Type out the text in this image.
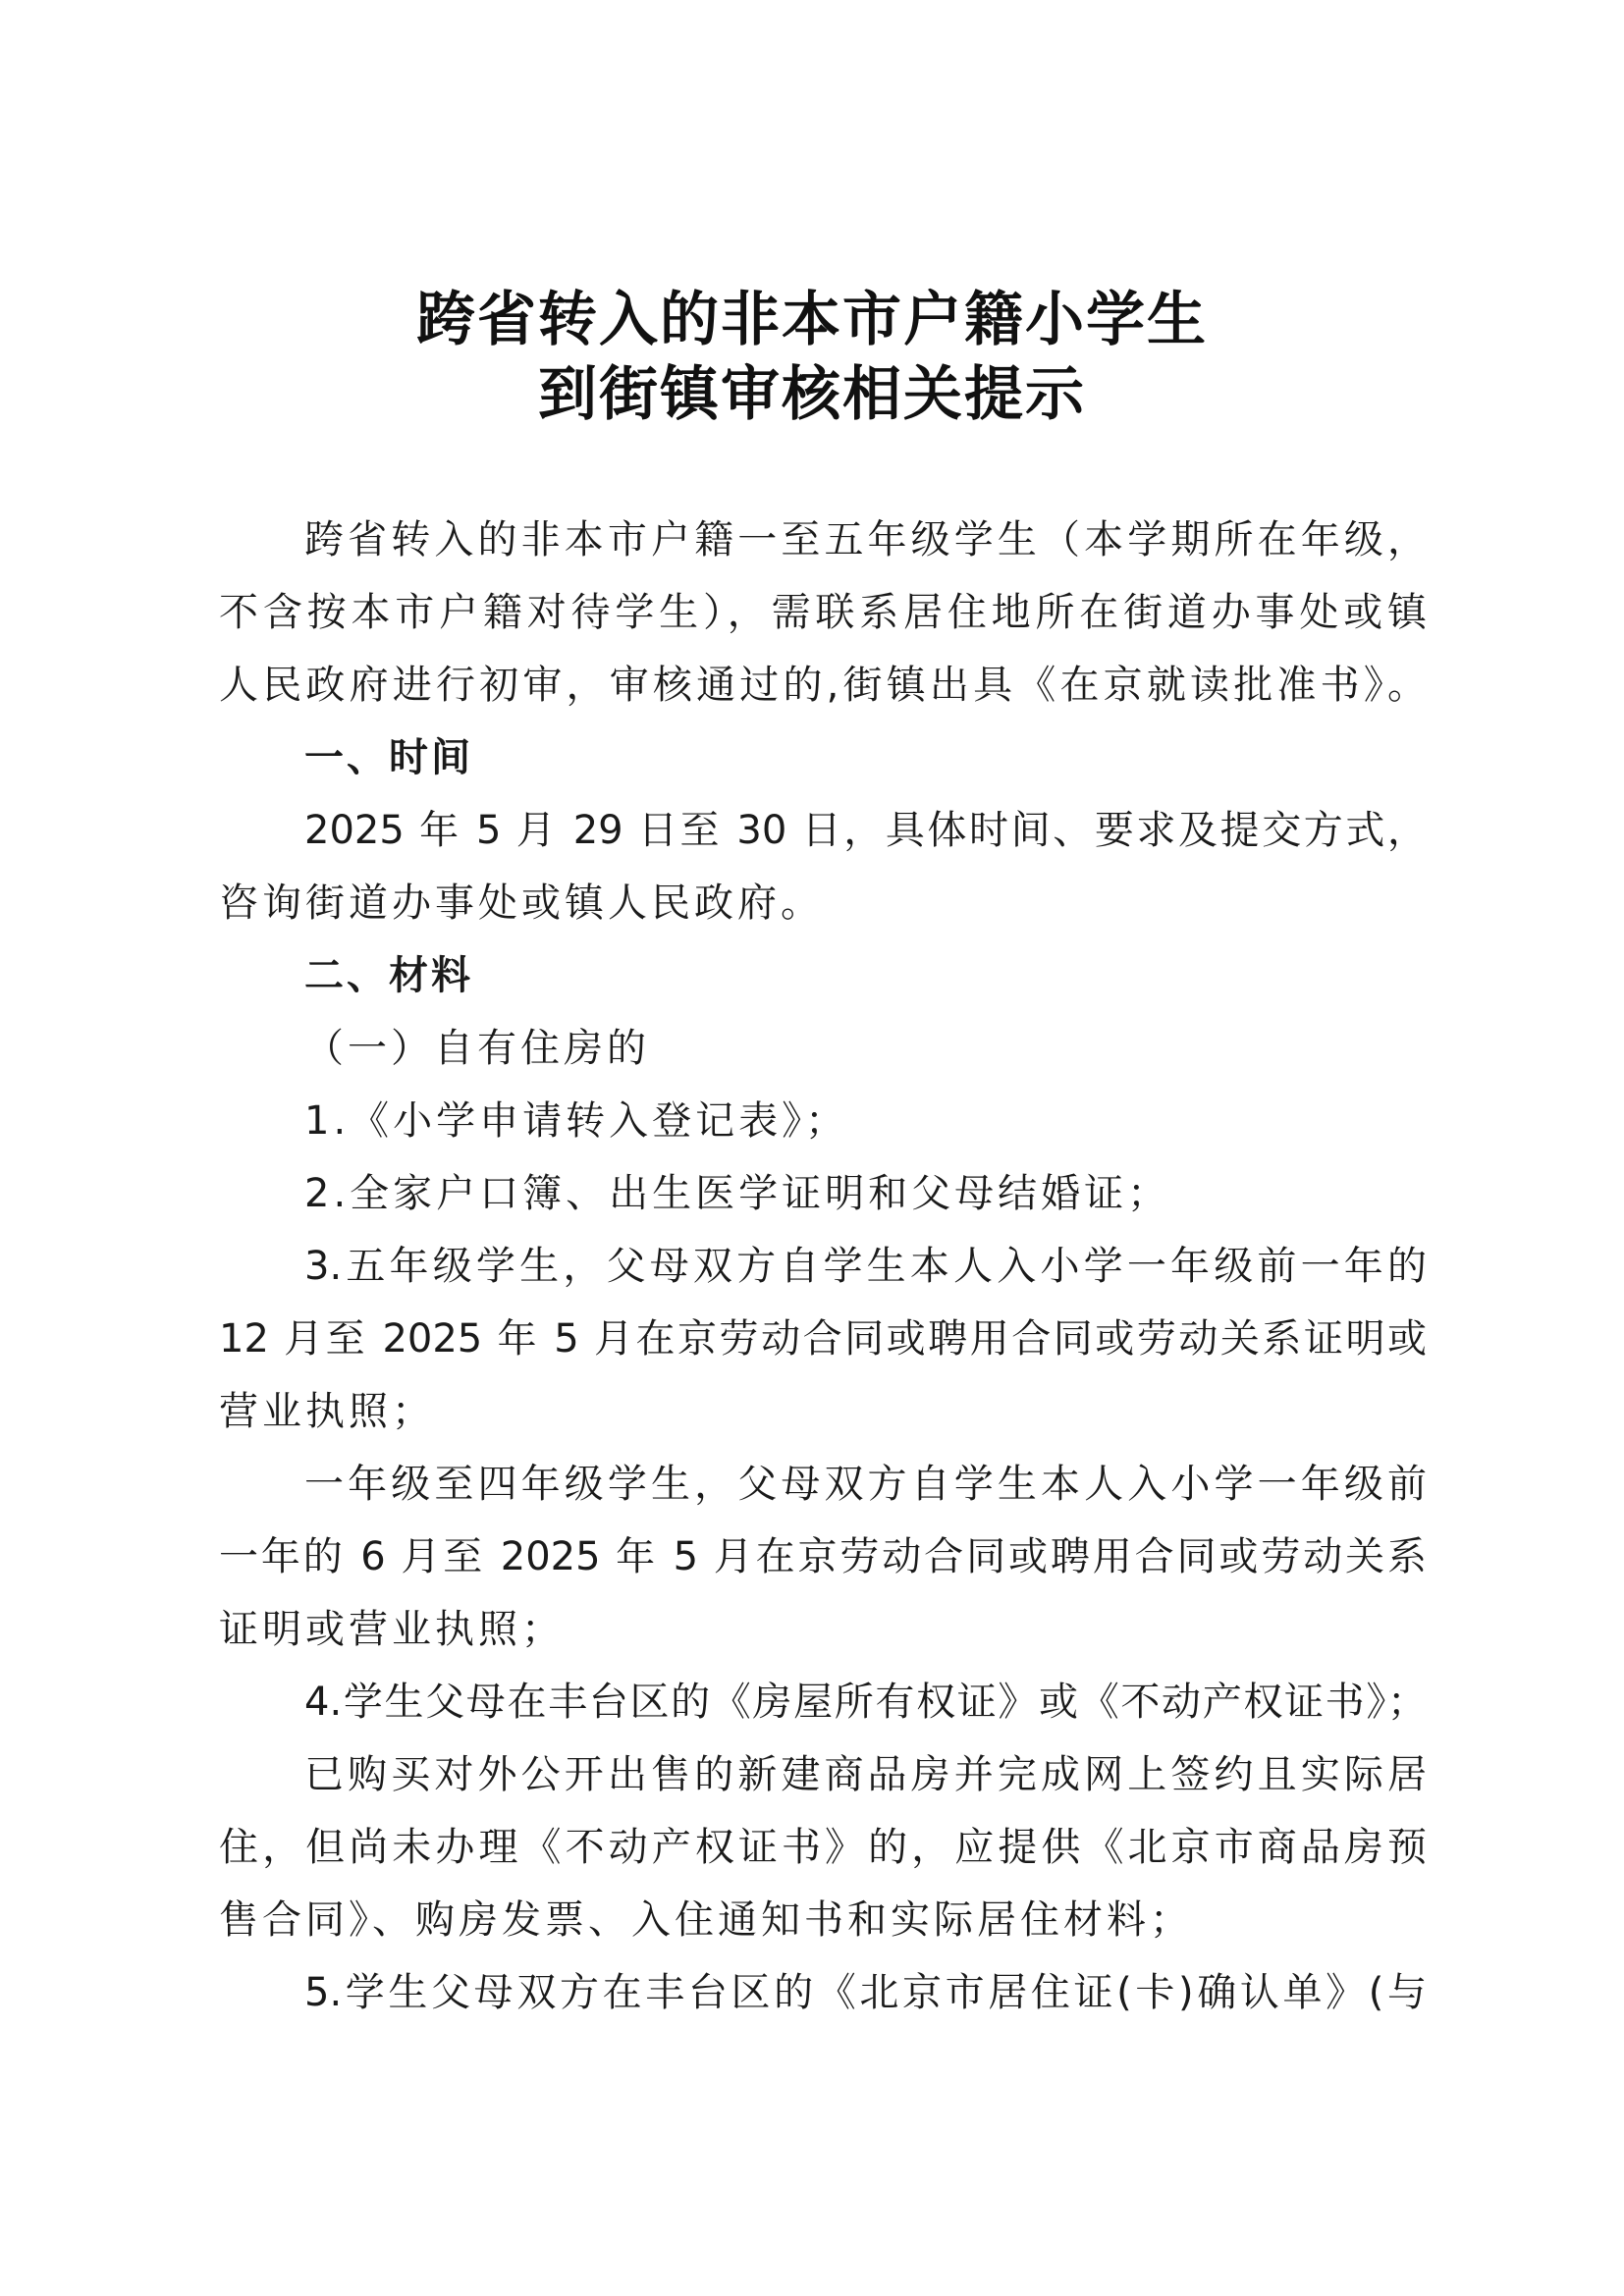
跨省转入的非本市户籍小学生
到街镇审核相关提示
跨省转入的非本市户籍一至五年级学生（本学期所在年级，
不含按本市户籍对待学生），需联系居住地所在街道办事处或镇
人民政府进行初审，审核通过的,街镇出具《在京就读批准书》。
一、时间
2025 年 5 月 29 日至 30 日，具体时间、要求及提交方式，
咨询街道办事处或镇人民政府。
二、材料
（一）自有住房的
1.《小学申请转入登记表》；
2.全家户口簿、出生医学证明和父母结婚证；
3.五年级学生，父母双方自学生本人入小学一年级前一年的
12 月至 2025 年 5 月在京劳动合同或聘用合同或劳动关系证明或
营业执照；
一年级至四年级学生，父母双方自学生本人入小学一年级前
一年的 6 月至 2025 年 5 月在京劳动合同或聘用合同或劳动关系
证明或营业执照；
4.学生父母在丰台区的《房屋所有权证》或《不动产权证书》；
已购买对外公开出售的新建商品房并完成网上签约且实际居
住，但尚未办理《不动产权证书》的，应提供《北京市商品房预
售合同》、购房发票、入住通知书和实际居住材料；
5.学生父母双方在丰台区的《北京市居住证(卡)确认单》(与
